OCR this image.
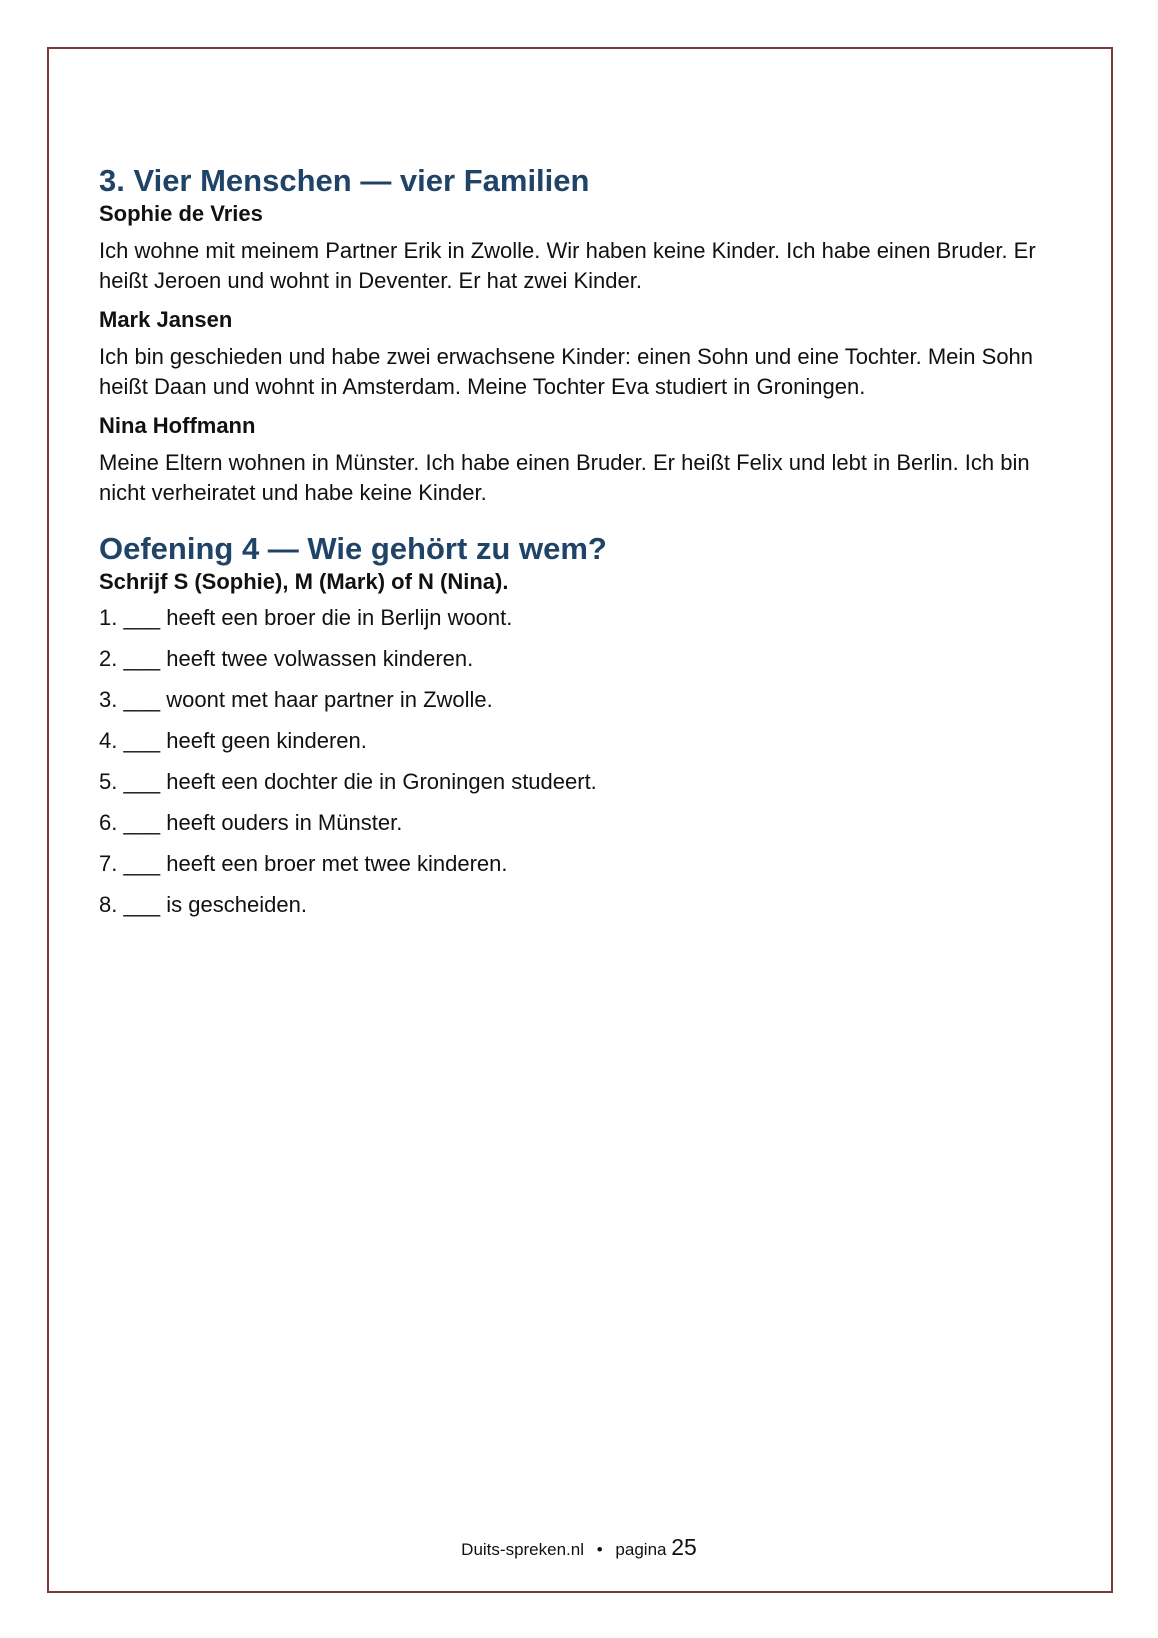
3. Vier Menschen — vier Familien

Sophie de Vries

Ich wohne mit meinem Partner Erik in Zwolle. Wir haben keine Kinder. Ich habe einen Bruder. Er heißt Jeroen und wohnt in Deventer. Er hat zwei Kinder.

Mark Jansen

Ich bin geschieden und habe zwei erwachsene Kinder: einen Sohn und eine Tochter. Mein Sohn heißt Daan und wohnt in Amsterdam. Meine Tochter Eva studiert in Groningen.

Nina Hoffmann

Meine Eltern wohnen in Münster. Ich habe einen Bruder. Er heißt Felix und lebt in Berlin. Ich bin nicht verheiratet und habe keine Kinder.

Oefening 4 — Wie gehört zu wem?

Schrijf S (Sophie), M (Mark) of N (Nina).

1. ___ heeft een broer die in Berlijn woont.
2. ___ heeft twee volwassen kinderen.
3. ___ woont met haar partner in Zwolle.
4. ___ heeft geen kinderen.
5. ___ heeft een dochter die in Groningen studeert.
6. ___ heeft ouders in Münster.
7. ___ heeft een broer met twee kinderen.
8. ___ is gescheiden.
Duits-spreken.nl • pagina 25
